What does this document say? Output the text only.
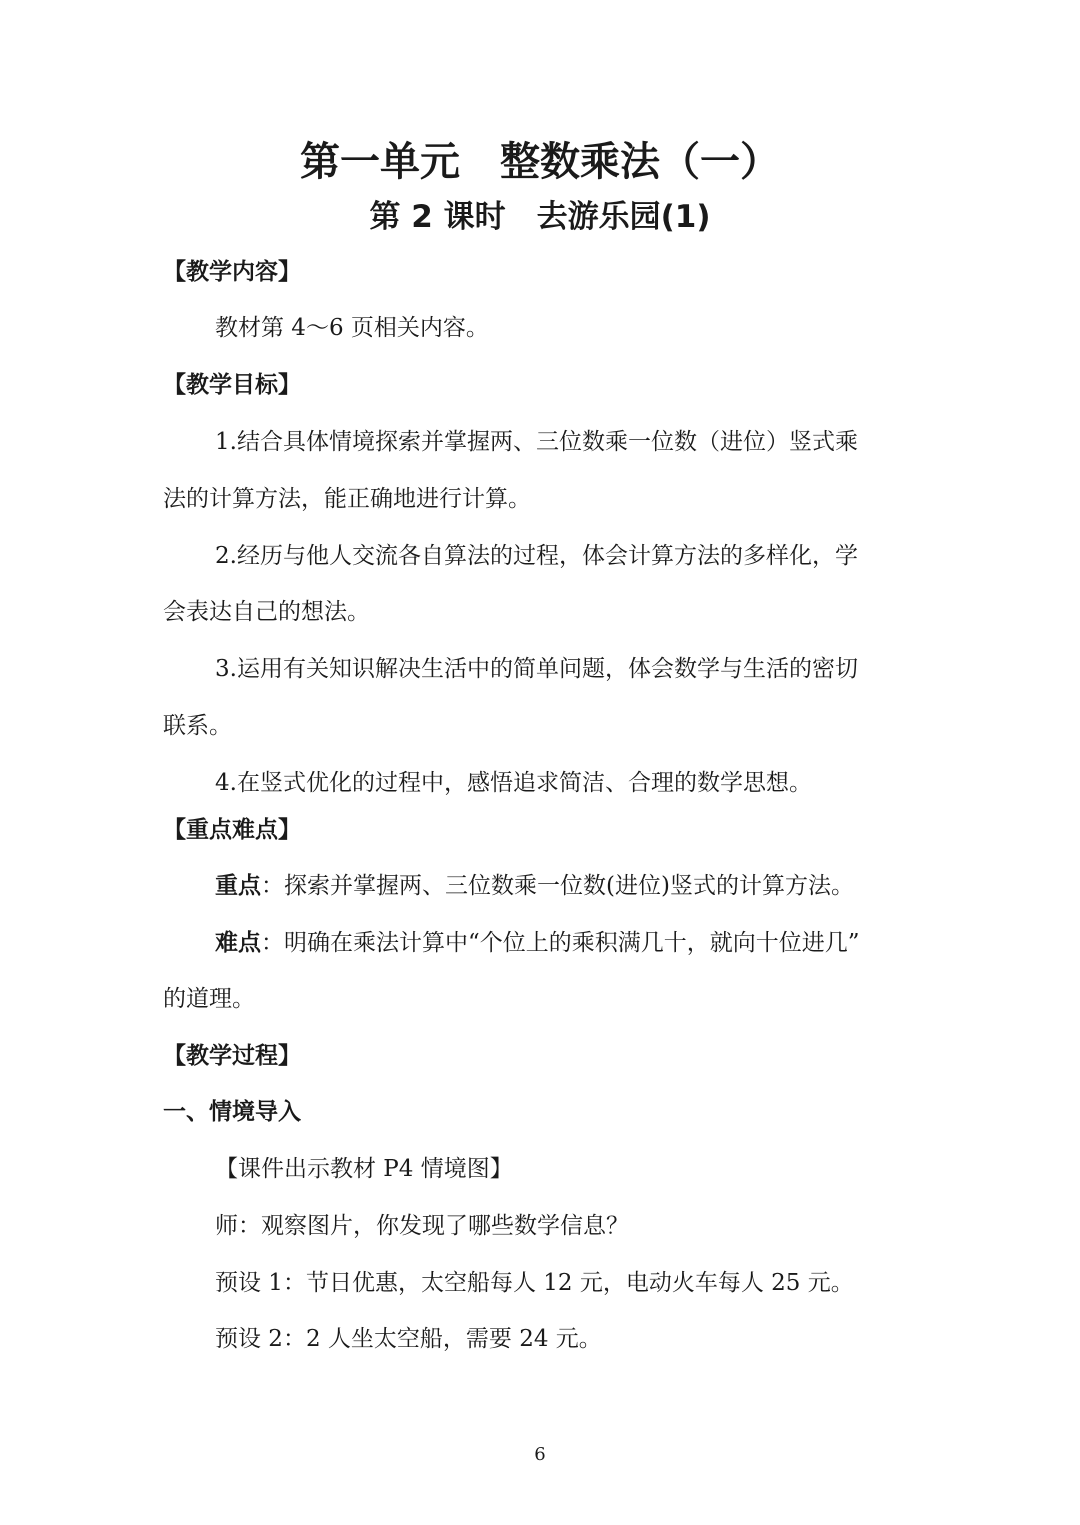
第一单元　整数乘法（一）
第 2 课时　去游乐园(1)
【教学内容】
教材第 4～6 页相关内容。
【教学目标】
1.结合具体情境探索并掌握两、三位数乘一位数（进位）竖式乘
法的计算方法，能正确地进行计算。
2.经历与他人交流各自算法的过程，体会计算方法的多样化，学
会表达自己的想法。
3.运用有关知识解决生活中的简单问题，体会数学与生活的密切
联系。
4.在竖式优化的过程中，感悟追求简洁、合理的数学思想。
【重点难点】
重点：探索并掌握两、三位数乘一位数(进位)竖式的计算方法。
难点：明确在乘法计算中“个位上的乘积满几十，就向十位进几”
的道理。
【教学过程】
一、情境导入
【课件出示教材 P4 情境图】
师：观察图片，你发现了哪些数学信息？
预设 1：节日优惠，太空船每人 12 元，电动火车每人 25 元。
预设 2：2 人坐太空船，需要 24 元。
6
